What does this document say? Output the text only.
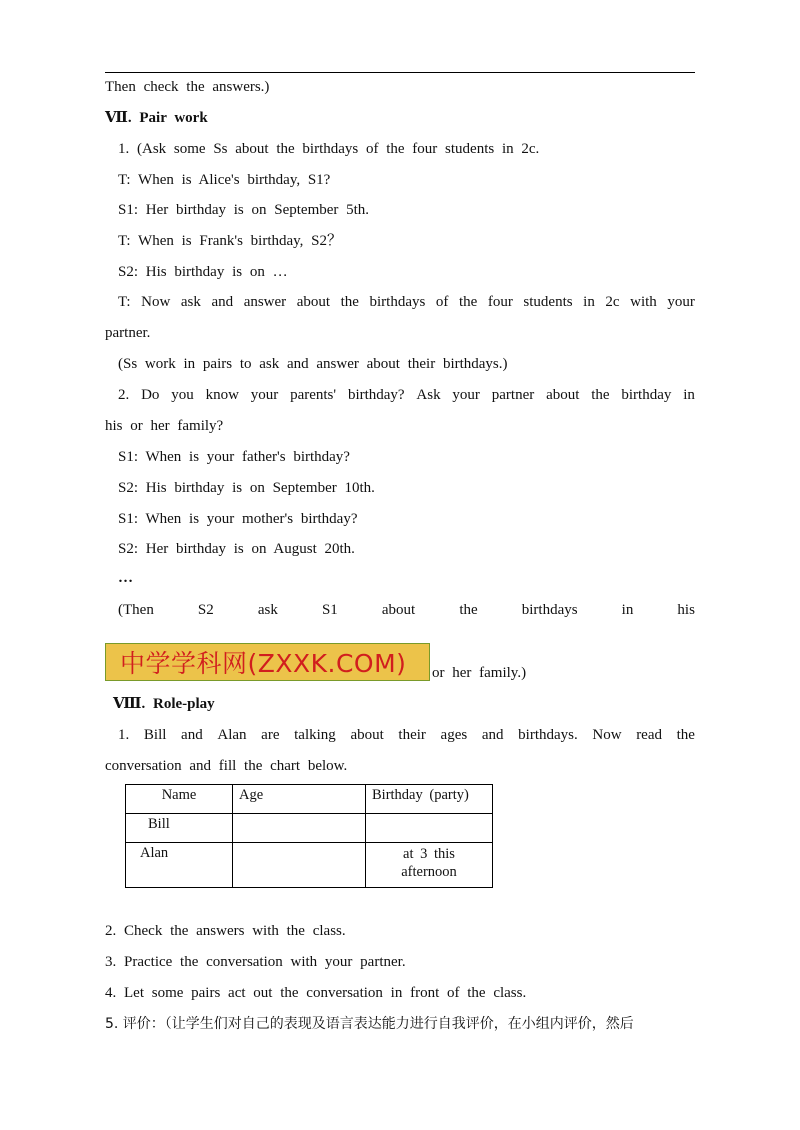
Then check the answers.)
Ⅶ. Pair work
1. (Ask some Ss about the birthdays of the four students in 2c.
T: When is Alice's birthday, S1?
S1: Her birthday is on September 5th.
T: When is Frank's birthday, S2？
S2: His birthday is on …
T: Now ask and answer about the birthdays of the four students in 2c with your
partner.
(Ss work in pairs to ask and answer about their birthdays.)
2. Do you know your parents' birthday? Ask your partner about the birthday in
his or her family?
S1: When is your father's birthday?
S2: His birthday is on September 10th.
S1: When is your mother's birthday?
S2: Her birthday is on August 20th.
…
(Then	S2	ask	S1	about	the	birthdays	in	his
中学学科网(ZXXK.COM)	or her family.)
Ⅷ. Role-play
1. Bill and Alan are talking about their ages and birthdays. Now read the
conversation and fill the chart below.
Name	Age	Birthday (party)
Bill		
Alan		at 3 this afternoon
2. Check the answers with the class.
3. Practice the conversation with your partner.
4. Let some pairs act out the conversation in front of the class.
5. 评价：（让学生们对自己的表现及语言表达能力进行自我评价，在小组内评价，然后
